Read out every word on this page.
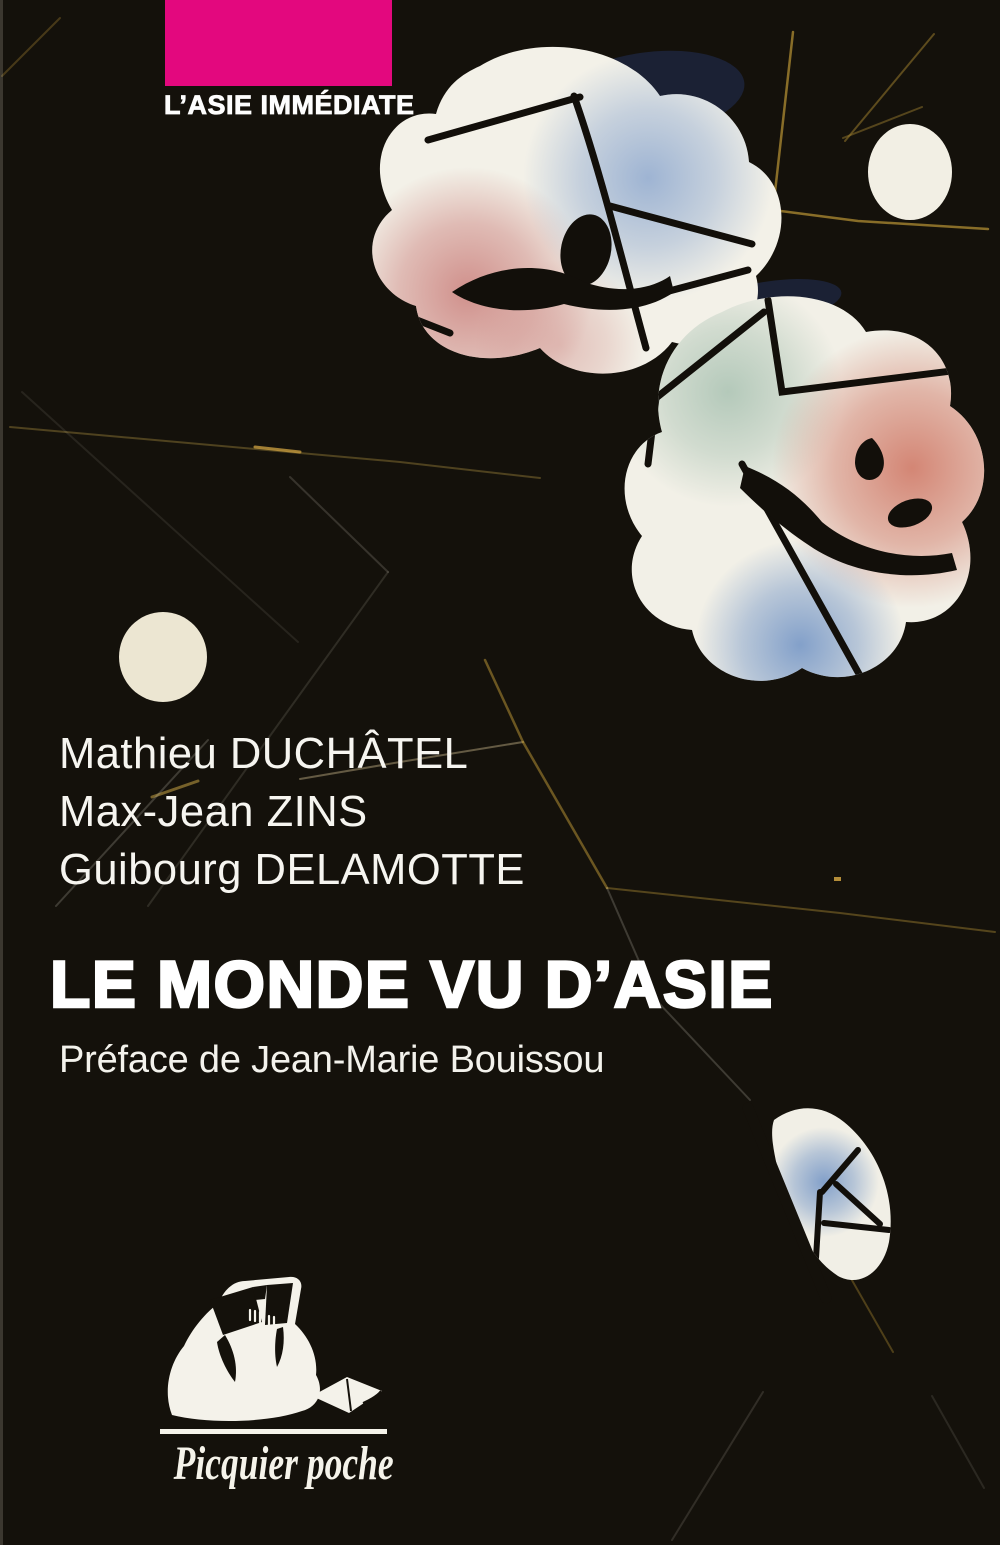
L’ASIE IMMÉDIATE
Mathieu DUCHÂTEL
Max-Jean ZINS
Guibourg DELAMOTTE
LE MONDE VU D’ASIE
Préface de Jean-Marie Bouissou
Picquier poche
